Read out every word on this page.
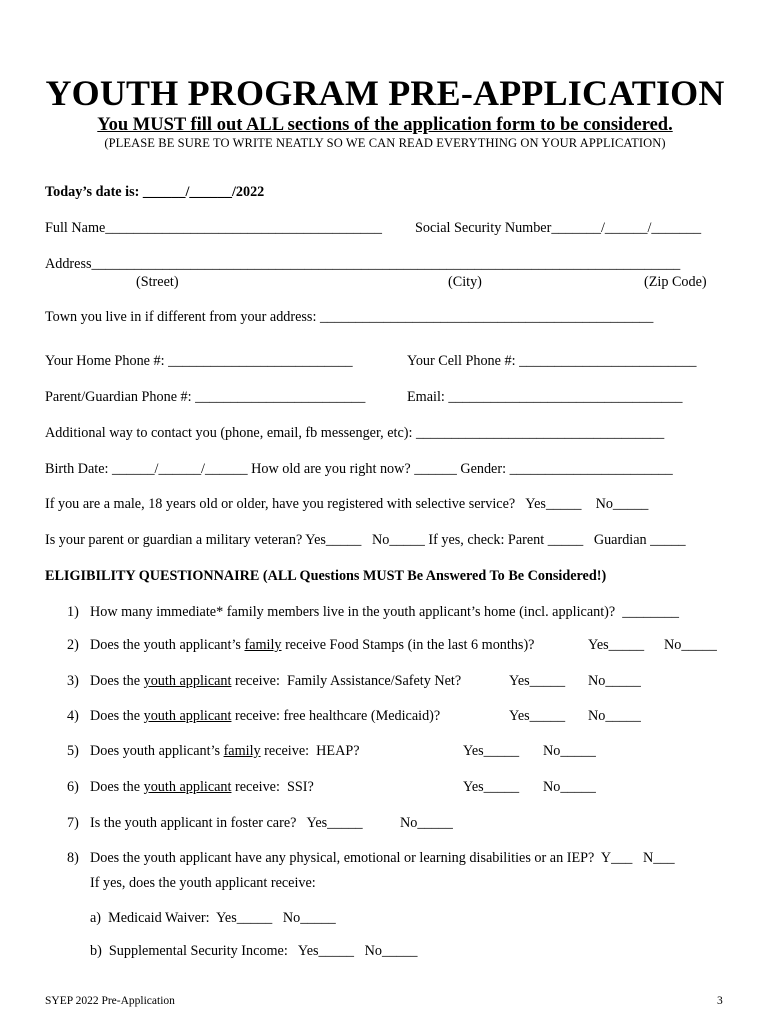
YOUTH PROGRAM PRE-APPLICATION
You MUST fill out ALL sections of the application form to be considered.
(PLEASE BE SURE TO WRITE NEATLY SO WE CAN READ EVERYTHING ON YOUR APPLICATION)
Today’s date is: ______/______/2022
Full Name_______________________________________ Social Security Number_______/______/_______
Address___________________________________________________________________________________
(Street)	(City)	(Zip Code)
Town you live in if different from your address: _______________________________________________
Your Home Phone #: __________________________	Your Cell Phone #: _________________________
Parent/Guardian Phone #: ________________________	Email: _________________________________
Additional way to contact you (phone, email, fb messenger, etc): ___________________________________
Birth Date: ______/______/______ How old are you right now? ______ Gender: _______________________
If you are a male, 18 years old or older, have you registered with selective service?   Yes_____    No_____
Is your parent or guardian a military veteran? Yes_____   No_____ If yes, check: Parent _____   Guardian _____
ELIGIBILITY QUESTIONNAIRE (ALL Questions MUST Be Answered To Be Considered!)
1) How many immediate* family members live in the youth applicant’s home (incl. applicant)?  ________
2) Does the youth applicant’s family receive Food Stamps (in the last 6 months)?	Yes_____ No_____
3) Does the youth applicant receive:  Family Assistance/Safety Net?	Yes_____ No_____
4) Does the youth applicant receive: free healthcare (Medicaid)?	Yes_____ No_____
5) Does youth applicant’s family receive:  HEAP?	Yes_____ No_____
6) Does the youth applicant receive:  SSI?	Yes_____ No_____
7) Is the youth applicant in foster care?   Yes_____	No_____
8) Does the youth applicant have any physical, emotional or learning disabilities or an IEP?  Y___   N___
If yes, does the youth applicant receive:
a)  Medicaid Waiver:  Yes_____   No_____
b)  Supplemental Security Income:   Yes_____   No_____
SYEP 2022 Pre-Application	3
